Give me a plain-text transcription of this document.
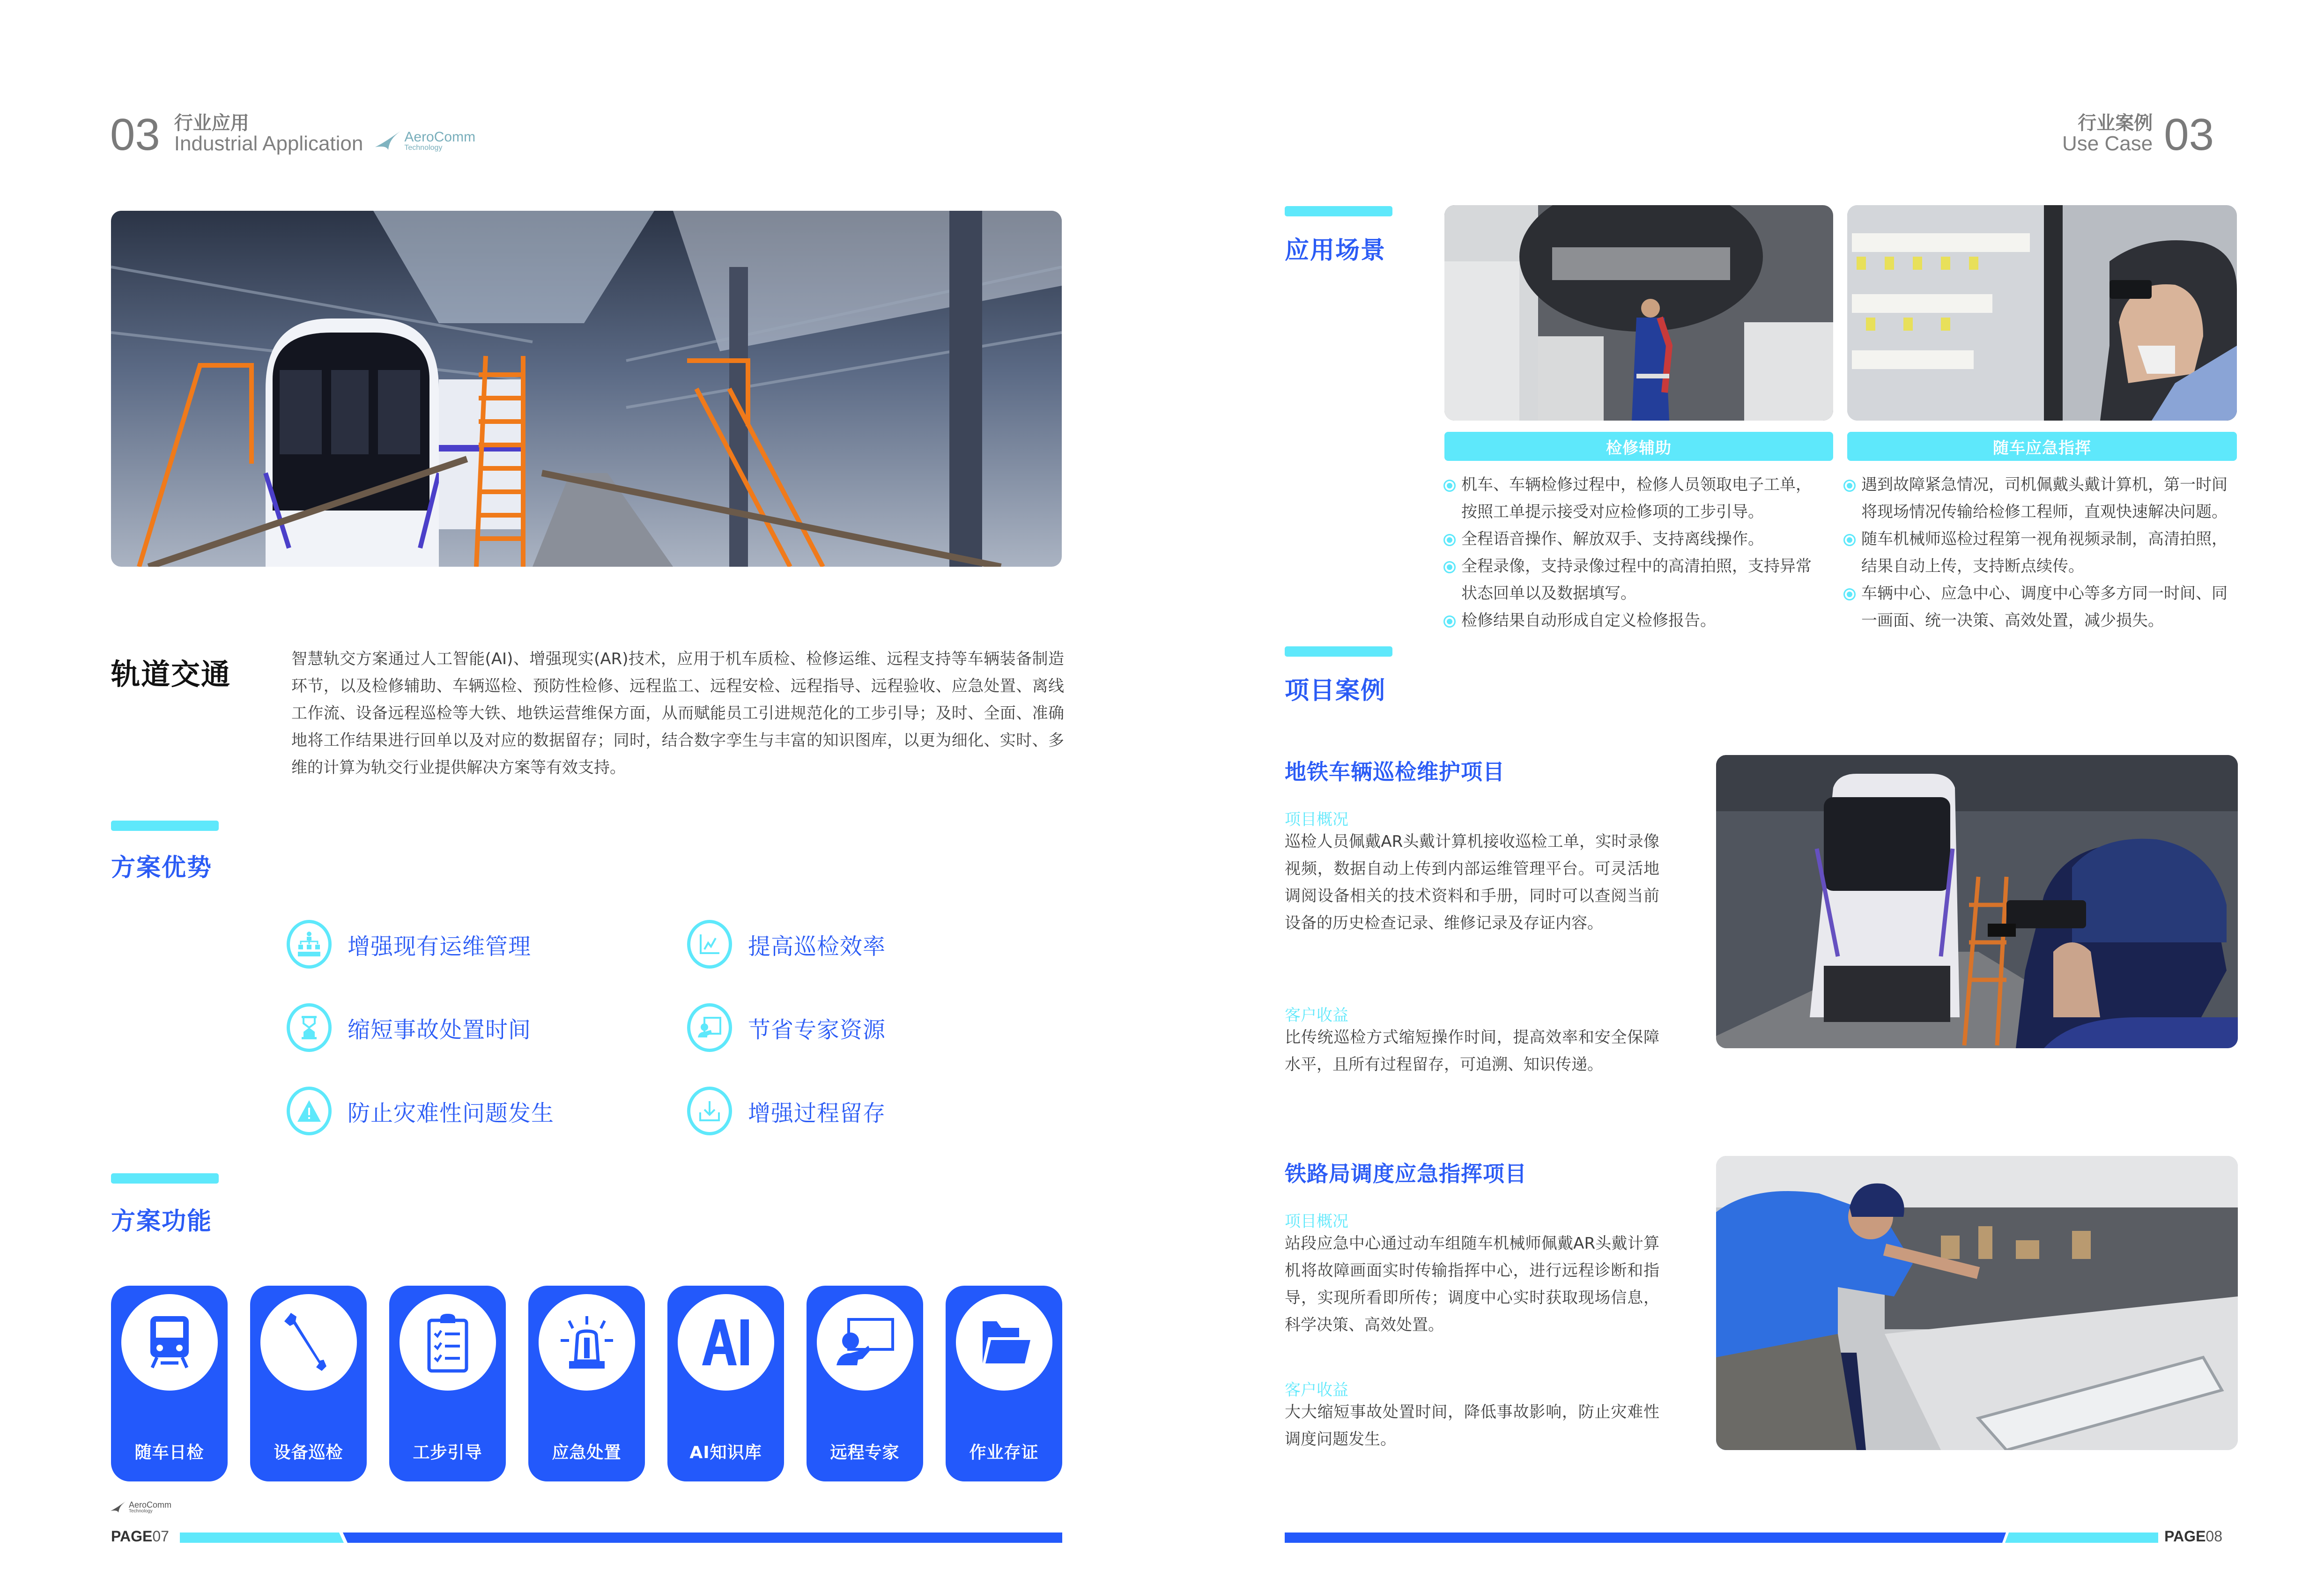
03 行业应用
Industrial Application	AeroComm
Technology
轨道交通	智慧轨交方案通过人工智能(AI)、增强现实(AR)技术，应用于机车质检、检修运维、远程支持等车辆装备制造环节，以及检修辅助、车辆巡检、预防性检修、远程监工、远程安检、远程指导、远程验收、应急处置、离线工作流、设备远程巡检等大铁、地铁运营维保方面，从而赋能员工引进规范化的工步引导；及时、全面、准确地将工作结果进行回单以及对应的数据留存；同时，结合数字孪生与丰富的知识图库，以更为细化、实时、多维的计算为轨交行业提供解决方案等有效支持。
方案优势
增强现有运维管理	提高巡检效率
缩短事故处置时间	节省专家资源
防止灾难性问题发生	增强过程留存
方案功能
随车日检	设备巡检	工步引导	应急处置	AI知识库	远程专家	作业存证
AeroComm
Technology
PAGE07
行业案例
Use Case 03
应用场景
检修辅助	随车应急指挥
机车、车辆检修过程中，检修人员领取电子工单，按照工单提示接受对应检修项的工步引导。
全程语音操作、解放双手、支持离线操作。
全程录像，支持录像过程中的高清拍照，支持异常状态回单以及数据填写。
检修结果自动形成自定义检修报告。
遇到故障紧急情况，司机佩戴头戴计算机，第一时间将现场情况传输给检修工程师，直观快速解决问题。
随车机械师巡检过程第一视角视频录制，高清拍照，结果自动上传，支持断点续传。
车辆中心、应急中心、调度中心等多方同一时间、同一画面、统一决策、高效处置，减少损失。
项目案例
地铁车辆巡检维护项目
项目概况
巡检人员佩戴AR头戴计算机接收巡检工单，实时录像视频，数据自动上传到内部运维管理平台。可灵活地调阅设备相关的技术资料和手册，同时可以查阅当前设备的历史检查记录、维修记录及存证内容。
客户收益
比传统巡检方式缩短操作时间，提高效率和安全保障水平，且所有过程留存，可追溯、知识传递。
铁路局调度应急指挥项目
项目概况
站段应急中心通过动车组随车机械师佩戴AR头戴计算机将故障画面实时传输指挥中心，进行远程诊断和指导，实现所看即所传；调度中心实时获取现场信息，科学决策、高效处置。
客户收益
大大缩短事故处置时间，降低事故影响，防止灾难性调度问题发生。
PAGE08
